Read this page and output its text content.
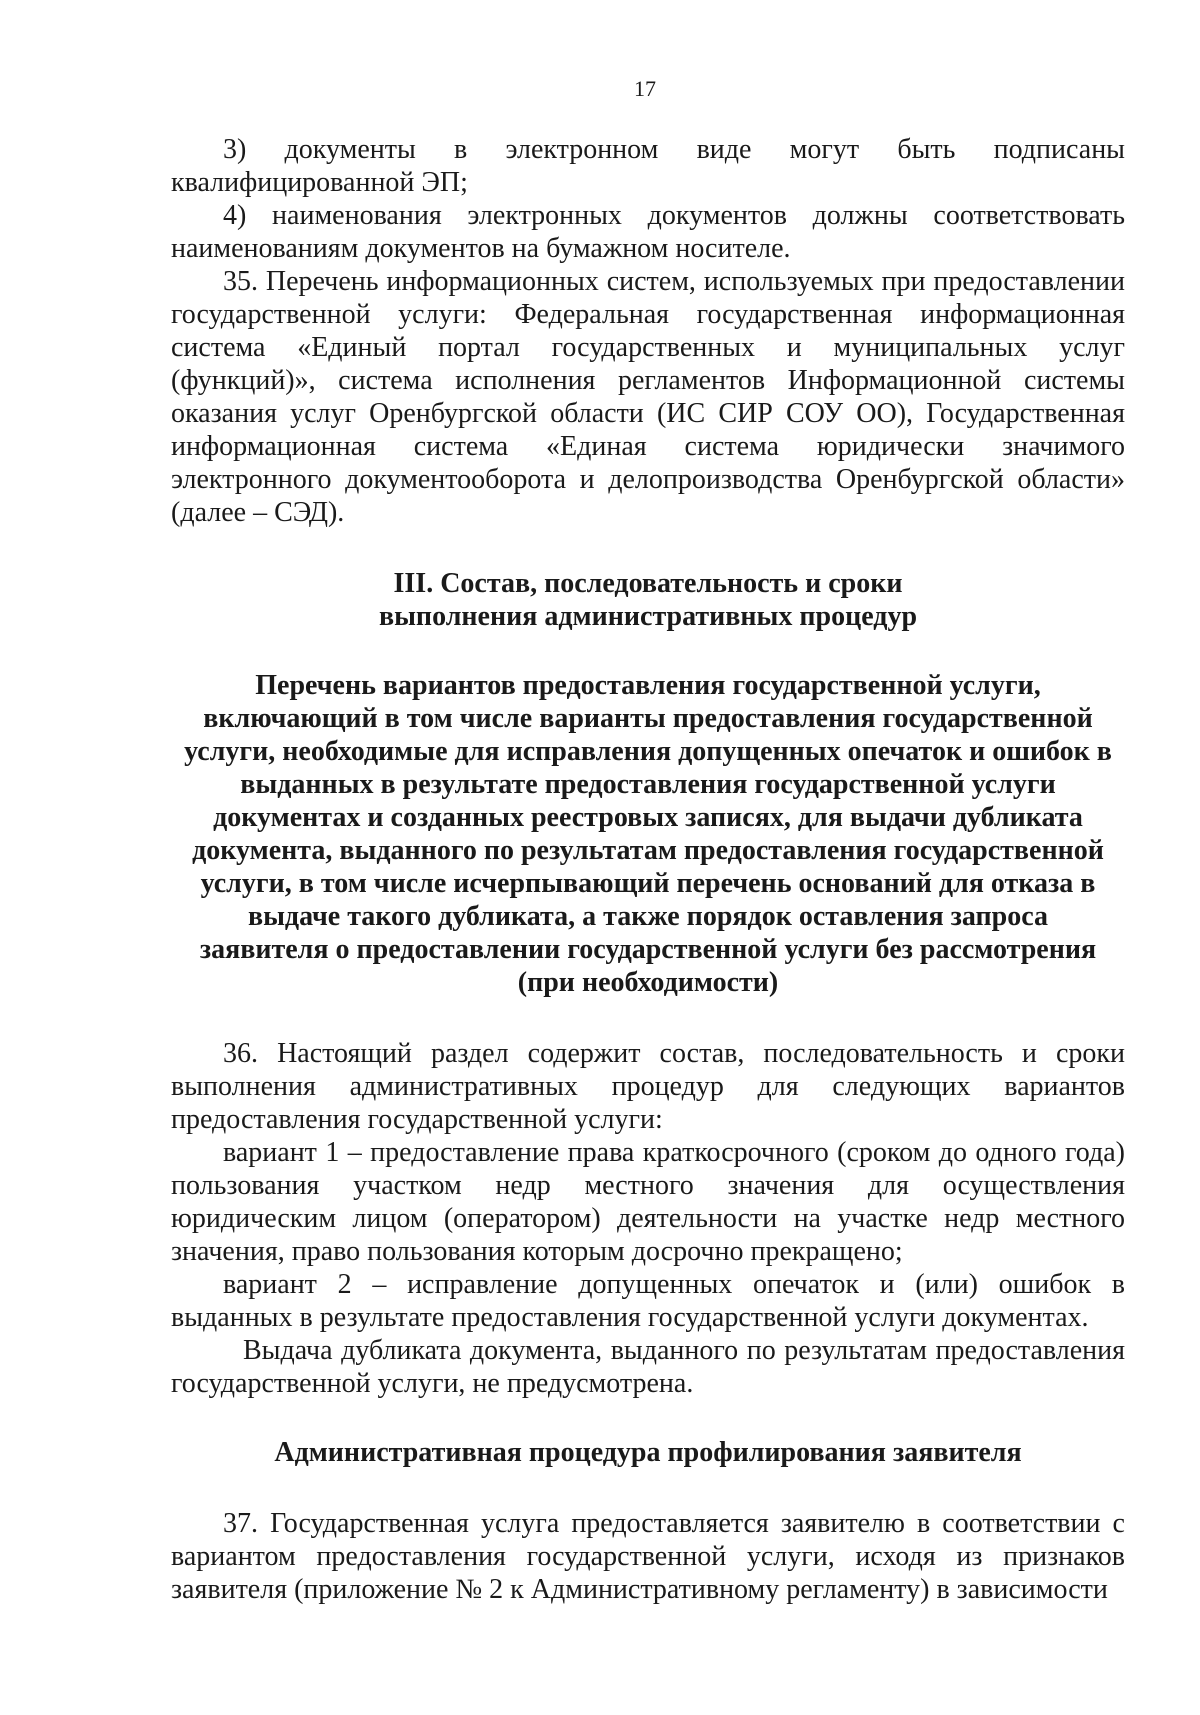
17

3) документы в электронном виде могут быть подписаны квалифицированной ЭП;

4) наименования электронных документов должны соответствовать наименованиям документов на бумажном носителе.

35. Перечень информационных систем, используемых при предоставлении государственной услуги: Федеральная государственная информационная система «Единый портал государственных и муниципальных услуг (функций)», система исполнения регламентов Информационной системы оказания услуг Оренбургской области (ИС СИР СОУ ОО), Государственная информационная система «Единая система юридически значимого электронного документооборота и делопроизводства Оренбургской области» (далее – СЭД).

III. Состав, последовательность и сроки выполнения административных процедур
Перечень вариантов предоставления государственной услуги, включающий в том числе варианты предоставления государственной услуги, необходимые для исправления допущенных опечаток и ошибок в выданных в результате предоставления государственной услуги документах и созданных реестровых записях, для выдачи дубликата документа, выданного по результатам предоставления государственной услуги, в том числе исчерпывающий перечень оснований для отказа в выдаче такого дубликата, а также порядок оставления запроса заявителя о предоставлении государственной услуги без рассмотрения (при необходимости)

36. Настоящий раздел содержит состав, последовательность и сроки выполнения административных процедур для следующих вариантов предоставления государственной услуги:

вариант 1 – предоставление права краткосрочного (сроком до одного года) пользования участком недр местного значения для осуществления юридическим лицом (оператором) деятельности на участке недр местного значения, право пользования которым досрочно прекращено;

вариант 2 – исправление допущенных опечаток и (или) ошибок в выданных в результате предоставления государственной услуги документах.

Выдача дубликата документа, выданного по результатам предоставления государственной услуги, не предусмотрена.

Административная процедура профилирования заявителя

37. Государственная услуга предоставляется заявителю в соответствии с вариантом предоставления государственной услуги, исходя из признаков заявителя (приложение № 2 к Административному регламенту) в зависимости
